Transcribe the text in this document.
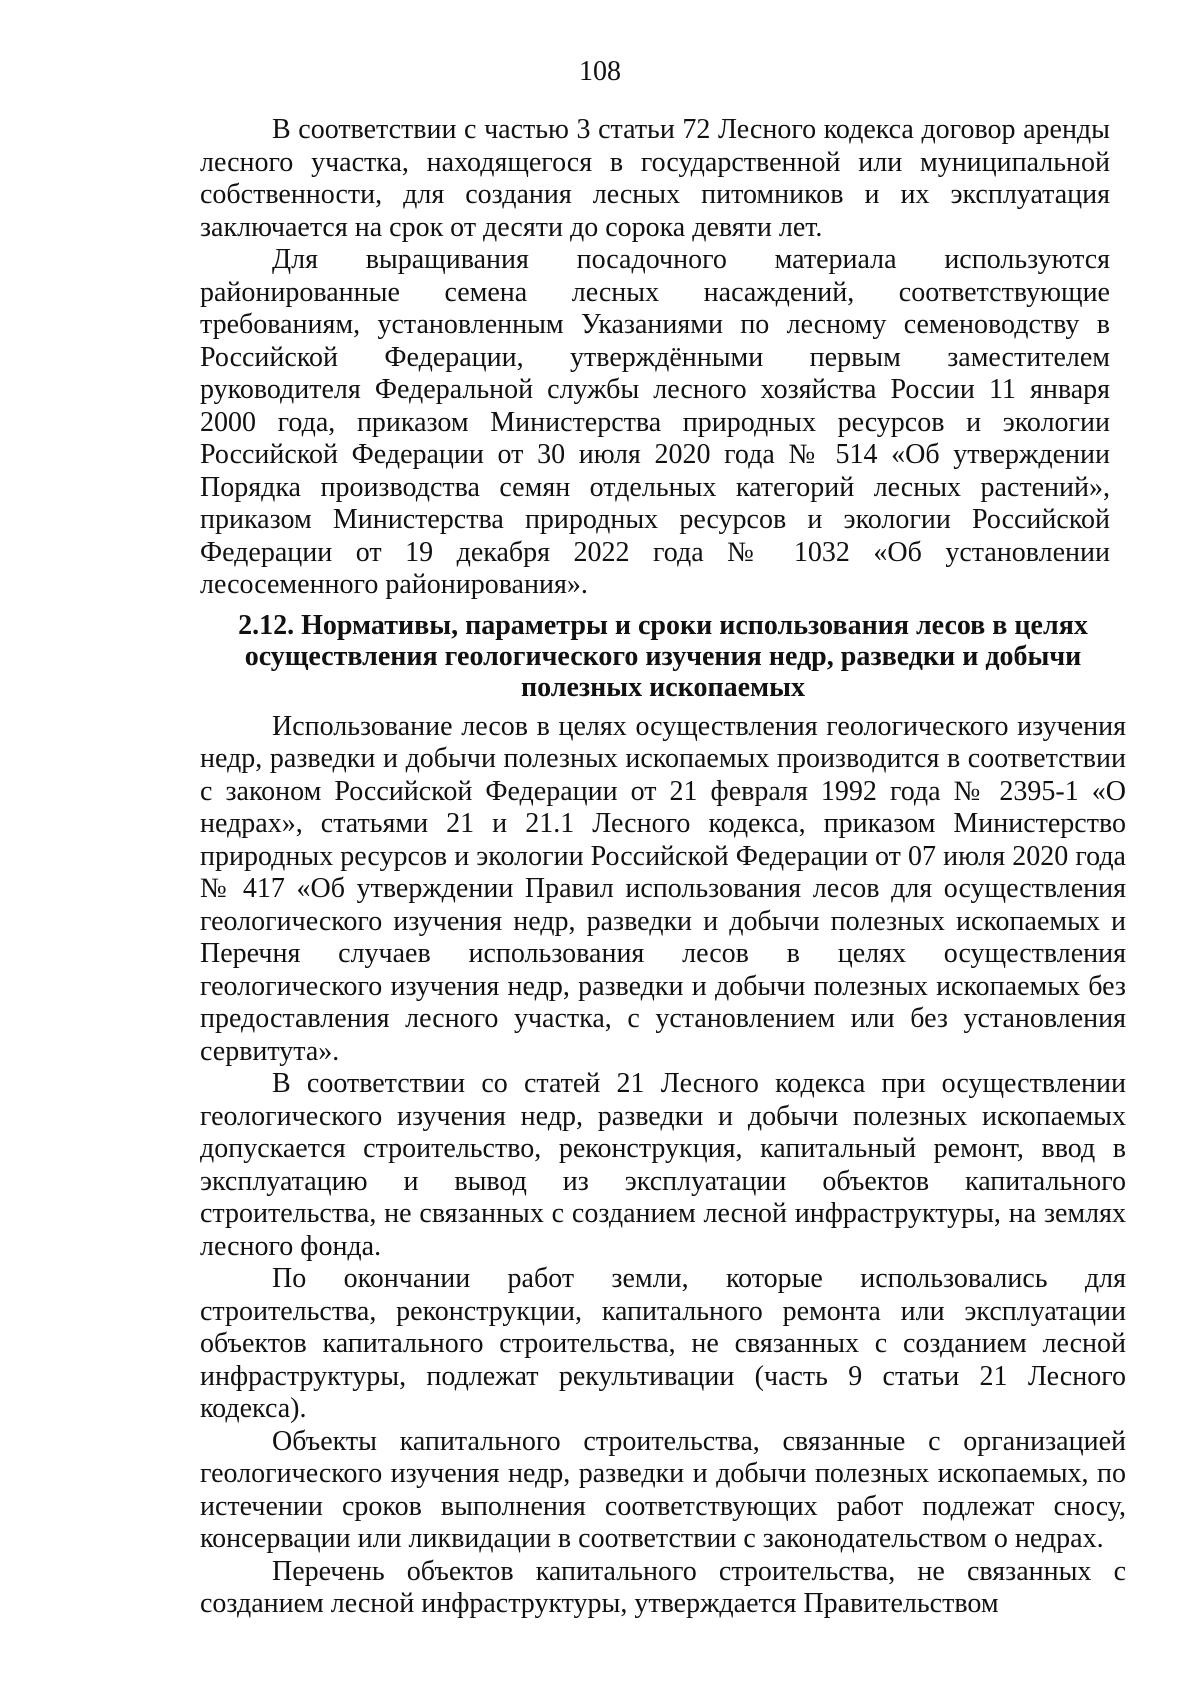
108

В соответствии с частью 3 статьи 72 Лесного кодекса договор аренды лесного участка, находящегося в государственной или муниципальной собственности, для создания лесных питомников и их эксплуатация заключается на срок от десяти до сорока девяти лет.

Для выращивания посадочного материала используются районированные семена лесных насаждений, соответствующие требованиям, установленным Указаниями по лесному семеноводству в Российской Федерации, утверждёнными первым заместителем руководителя Федеральной службы лесного хозяйства России 11 января 2000 года, приказом Министерства природных ресурсов и экологии Российской Федерации от 30 июля 2020 года № 514 «Об утверждении Порядка производства семян отдельных категорий лесных растений», приказом Министерства природных ресурсов и экологии Российской Федерации от 19 декабря 2022 года № 1032 «Об установлении лесосеменного районирования».

2.12. Нормативы, параметры и сроки использования лесов в целях осуществления геологического изучения недр, разведки и добычи полезных ископаемых

Использование лесов в целях осуществления геологического изучения недр, разведки и добычи полезных ископаемых производится в соответствии с законом Российской Федерации от 21 февраля 1992 года № 2395-1 «О недрах», статьями 21 и 21.1 Лесного кодекса, приказом Министерство природных ресурсов и экологии Российской Федерации от 07 июля 2020 года № 417 «Об утверждении Правил использования лесов для осуществления геологического изучения недр, разведки и добычи полезных ископаемых и Перечня случаев использования лесов в целях осуществления геологического изучения недр, разведки и добычи полезных ископаемых без предоставления лесного участка, с установлением или без установления сервитута».

В соответствии со статей 21 Лесного кодекса при осуществлении геологического изучения недр, разведки и добычи полезных ископаемых допускается строительство, реконструкция, капитальный ремонт, ввод в эксплуатацию и вывод из эксплуатации объектов капитального строительства, не связанных с созданием лесной инфраструктуры, на землях лесного фонда.

По окончании работ земли, которые использовались для строительства, реконструкции, капитального ремонта или эксплуатации объектов капитального строительства, не связанных с созданием лесной инфраструктуры, подлежат рекультивации (часть 9 статьи 21 Лесного кодекса).

Объекты капитального строительства, связанные с организацией геологического изучения недр, разведки и добычи полезных ископаемых, по истечении сроков выполнения соответствующих работ подлежат сносу, консервации или ликвидации в соответствии с законодательством о недрах.

Перечень объектов капитального строительства, не связанных с созданием лесной инфраструктуры, утверждается Правительством
